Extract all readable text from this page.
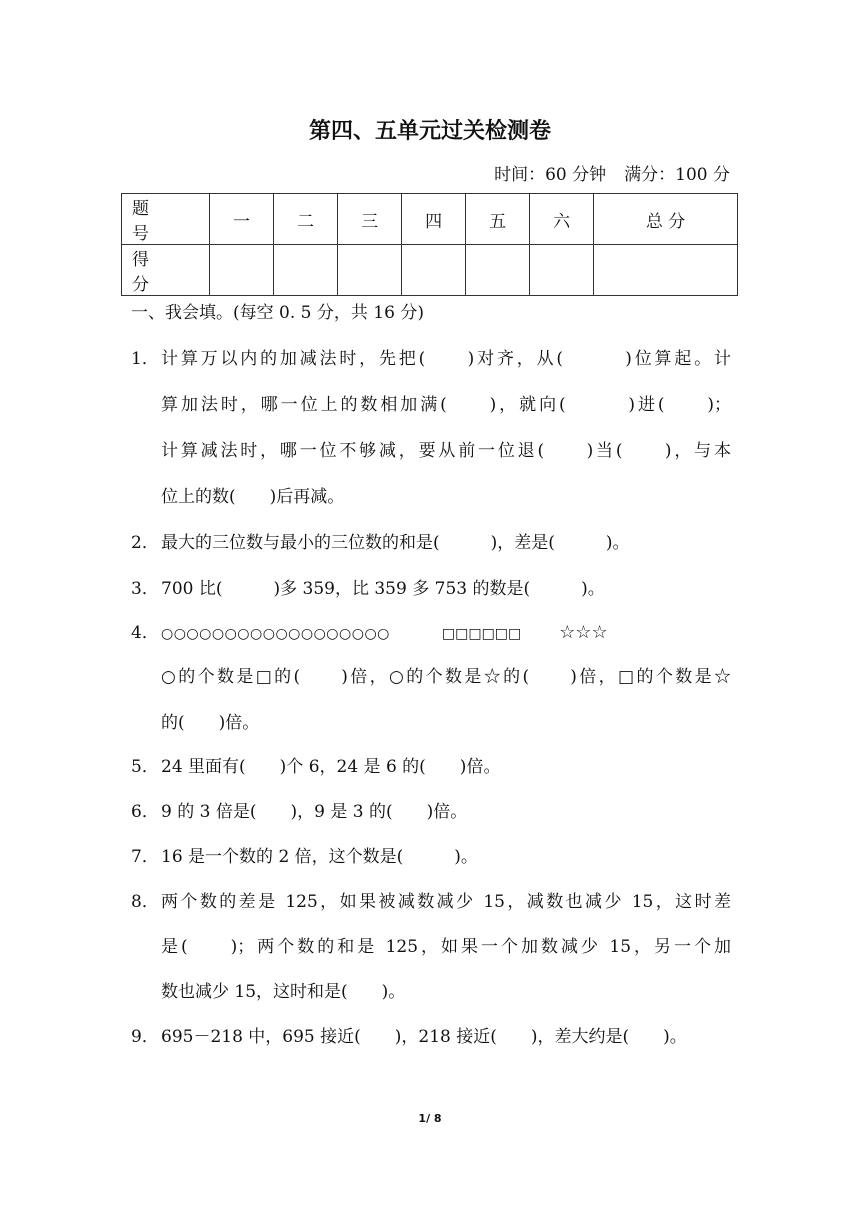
第四、五单元过关检测卷
时间：60 分钟 满分：100 分
题　号	一	二	三	四	五	六	总 分
得　分							
一、我会填。(每空 0. 5 分，共 16 分)
1． 计算万以内的加减法时，先把(　　)对齐，从(　　　)位算起。计
算加法时，哪一位上的数相加满(　　)，就向(　　　)进(　　)；
计算减法时，哪一位不够减，要从前一位退(　　)当(　　)，与本
位上的数(　　)后再减。
2． 最大的三位数与最小的三位数的和是(　　　)，差是(　　　)。
3． 700 比(　　　)多 359，比 359 多 753 的数是(　　　)。
4． ○○○○○○○○○○○○○○○○○○	□□□□□□ ☆☆☆
○的个数是□的(　　)倍，○的个数是☆的(　　)倍，□的个数是☆
的(　　)倍。
5． 24 里面有(　　)个 6，24 是 6 的(　　)倍。
6． 9 的 3 倍是(　　)，9 是 3 的(　　)倍。
7． 16 是一个数的 2 倍，这个数是(　　　)。
8． 两个数的差是 125，如果被减数减少 15，减数也减少 15，这时差
是(　　)；两个数的和是 125，如果一个加数减少 15，另一个加
数也减少 15，这时和是(　　)。
9． 695－218 中，695 接近(　　)，218 接近(　　)，差大约是(　　)。
1/ 8
